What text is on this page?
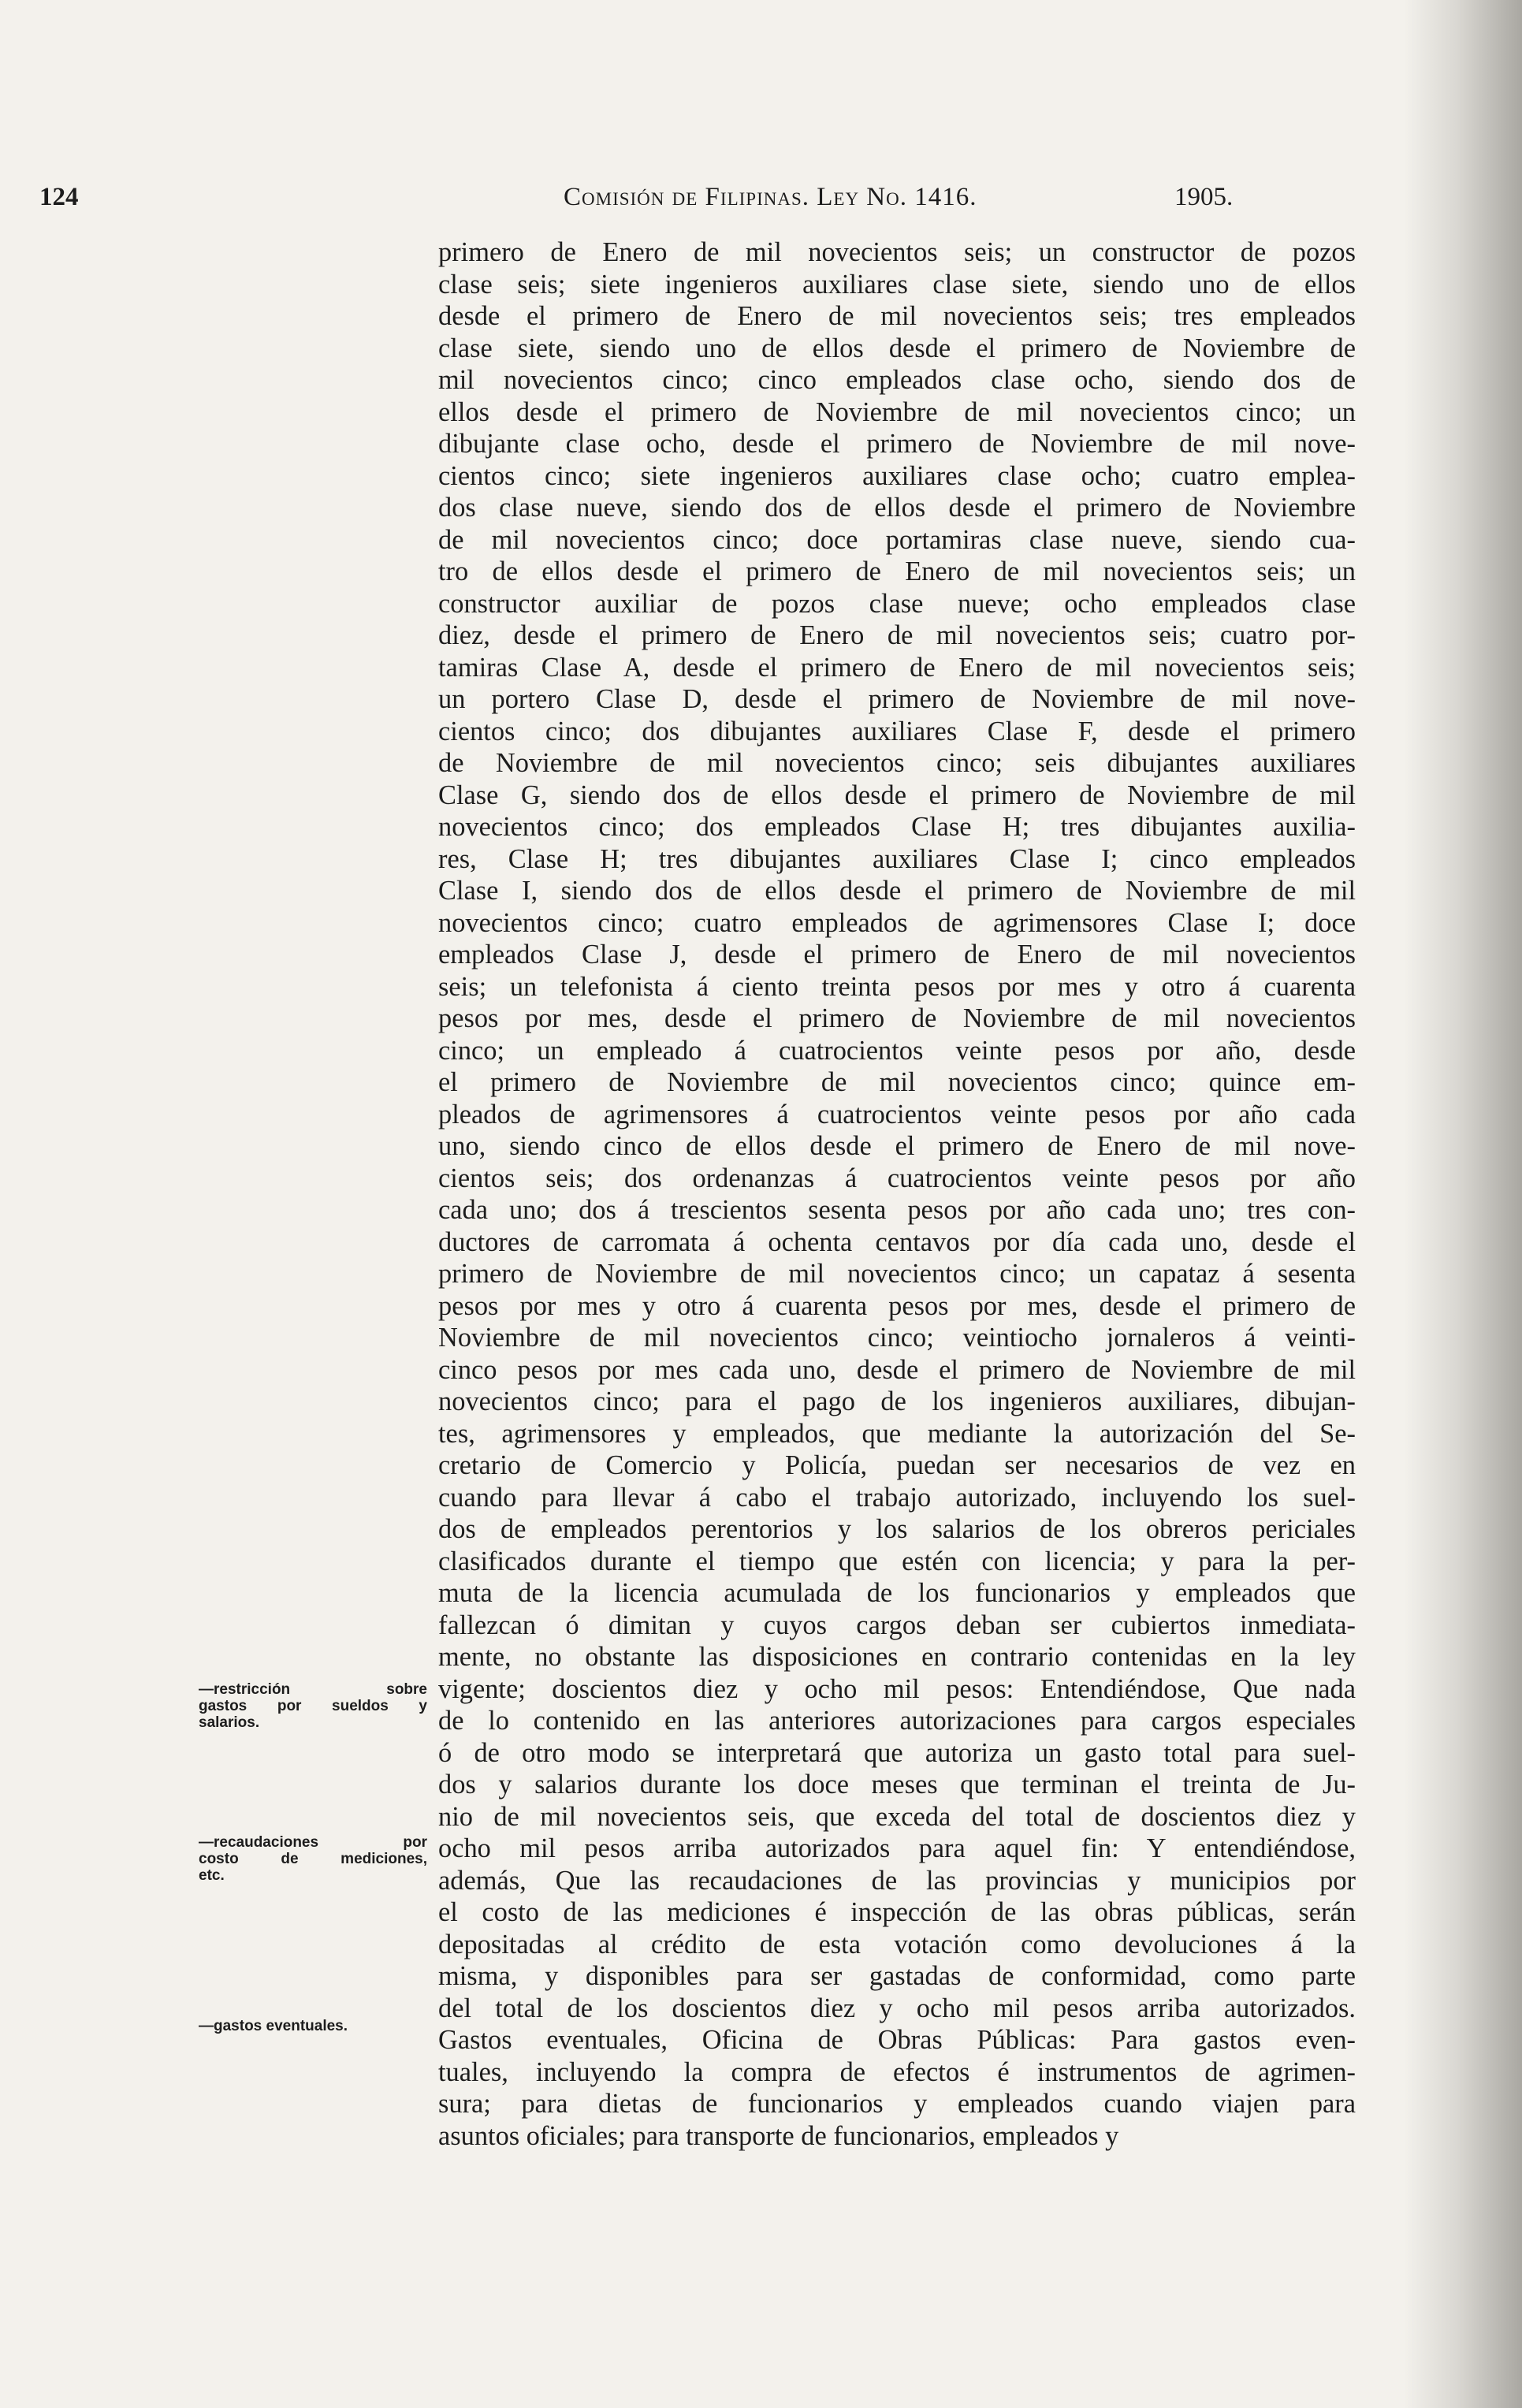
124	Comisión de Filipinas. Ley No. 1416.	1905.
primero de Enero de mil novecientos seis; un constructor de pozos
clase seis; siete ingenieros auxiliares clase siete, siendo uno de ellos
desde el primero de Enero de mil novecientos seis; tres empleados
clase siete, siendo uno de ellos desde el primero de Noviembre de
mil novecientos cinco; cinco empleados clase ocho, siendo dos de
ellos desde el primero de Noviembre de mil novecientos cinco; un
dibujante clase ocho, desde el primero de Noviembre de mil nove-
cientos cinco; siete ingenieros auxiliares clase ocho; cuatro emplea-
dos clase nueve, siendo dos de ellos desde el primero de Noviembre
de mil novecientos cinco; doce portamiras clase nueve, siendo cua-
tro de ellos desde el primero de Enero de mil novecientos seis; un
constructor auxiliar de pozos clase nueve; ocho empleados clase
diez, desde el primero de Enero de mil novecientos seis; cuatro por-
tamiras Clase A, desde el primero de Enero de mil novecientos seis;
un portero Clase D, desde el primero de Noviembre de mil nove-
cientos cinco; dos dibujantes auxiliares Clase F, desde el primero
de Noviembre de mil novecientos cinco; seis dibujantes auxiliares
Clase G, siendo dos de ellos desde el primero de Noviembre de mil
novecientos cinco; dos empleados Clase H; tres dibujantes auxilia-
res, Clase H; tres dibujantes auxiliares Clase I; cinco empleados
Clase I, siendo dos de ellos desde el primero de Noviembre de mil
novecientos cinco; cuatro empleados de agrimensores Clase I; doce
empleados Clase J, desde el primero de Enero de mil novecientos
seis; un telefonista á ciento treinta pesos por mes y otro á cuarenta
pesos por mes, desde el primero de Noviembre de mil novecientos
cinco; un empleado á cuatrocientos veinte pesos por año, desde
el primero de Noviembre de mil novecientos cinco; quince em-
pleados de agrimensores á cuatrocientos veinte pesos por año cada
uno, siendo cinco de ellos desde el primero de Enero de mil nove-
cientos seis; dos ordenanzas á cuatrocientos veinte pesos por año
cada uno; dos á trescientos sesenta pesos por año cada uno; tres con-
ductores de carromata á ochenta centavos por día cada uno, desde el
primero de Noviembre de mil novecientos cinco; un capataz á sesenta
pesos por mes y otro á cuarenta pesos por mes, desde el primero de
Noviembre de mil novecientos cinco; veintiocho jornaleros á veinti-
cinco pesos por mes cada uno, desde el primero de Noviembre de mil
novecientos cinco; para el pago de los ingenieros auxiliares, dibujan-
tes, agrimensores y empleados, que mediante la autorización del Se-
cretario de Comercio y Policía, puedan ser necesarios de vez en
cuando para llevar á cabo el trabajo autorizado, incluyendo los suel-
dos de empleados perentorios y los salarios de los obreros periciales
clasificados durante el tiempo que estén con licencia; y para la per-
muta de la licencia acumulada de los funcionarios y empleados que
fallezcan ó dimitan y cuyos cargos deban ser cubiertos inmediata-
mente, no obstante las disposiciones en contrario contenidas en la ley
vigente; doscientos diez y ocho mil pesos: Entendiéndose, Que nada
de lo contenido en las anteriores autorizaciones para cargos especiales
ó de otro modo se interpretará que autoriza un gasto total para suel-
dos y salarios durante los doce meses que terminan el treinta de Ju-
nio de mil novecientos seis, que exceda del total de doscientos diez y
ocho mil pesos arriba autorizados para aquel fin: Y entendiéndose,
además, Que las recaudaciones de las provincias y municipios por
el costo de las mediciones é inspección de las obras públicas, serán
depositadas al crédito de esta votación como devoluciones á la
misma, y disponibles para ser gastadas de conformidad, como parte
del total de los doscientos diez y ocho mil pesos arriba autorizados.
Gastos eventuales, Oficina de Obras Públicas: Para gastos even-
tuales, incluyendo la compra de efectos é instrumentos de agrimen-
sura; para dietas de funcionarios y empleados cuando viajen para
asuntos oficiales; para transporte de funcionarios, empleados y
—restricción sobre
gastos por sueldos y
salarios.
—recaudaciones por
costo de mediciones,
etc.
—gastos eventuales.
